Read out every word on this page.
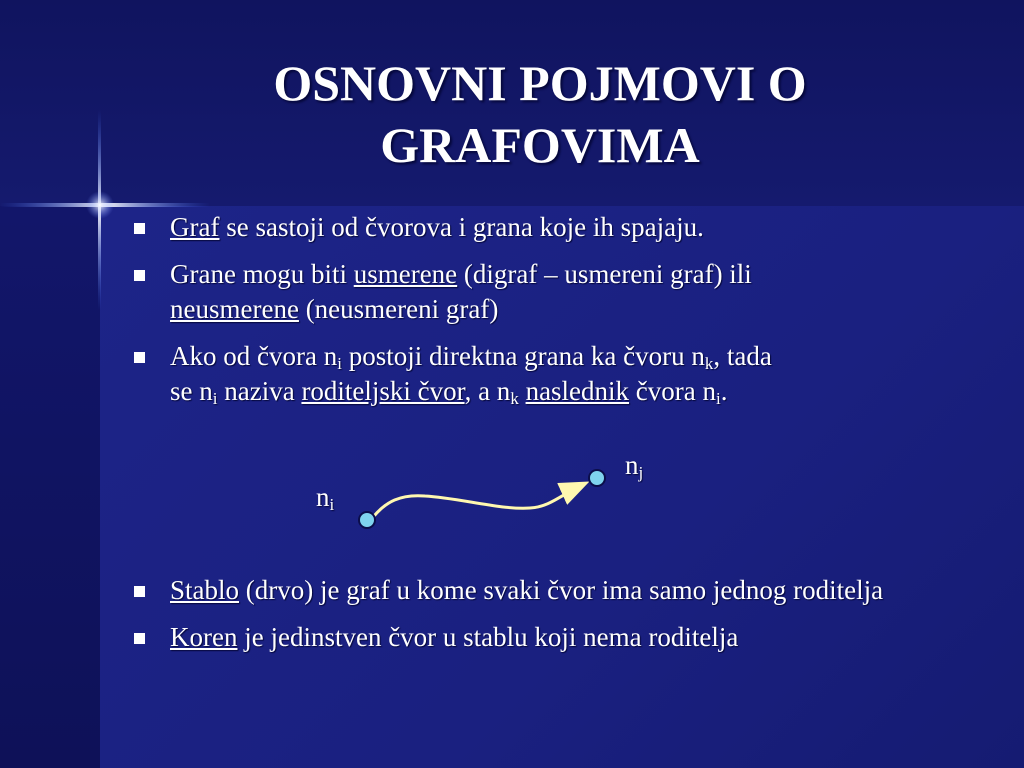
OSNOVNI POJMOVI O
GRAFOVIMA
Graf se sastoji od čvorova i grana koje ih spajaju.
Grane mogu biti usmerene (digraf – usmereni graf) ili
neusmerene (neusmereni graf)
Ako od čvora $n_i$ postoji direktna grana ka čvoru $n_k$, tada
se $n_i$ naziva roditeljski čvor, a $n_k$ naslednik čvora $n_i$.
Stablo (drvo) je graf u kome svaki čvor ima samo jednog roditelja
Koren je jedinstven čvor u stablu koji nema roditelja
$n_i$
$n_j$
